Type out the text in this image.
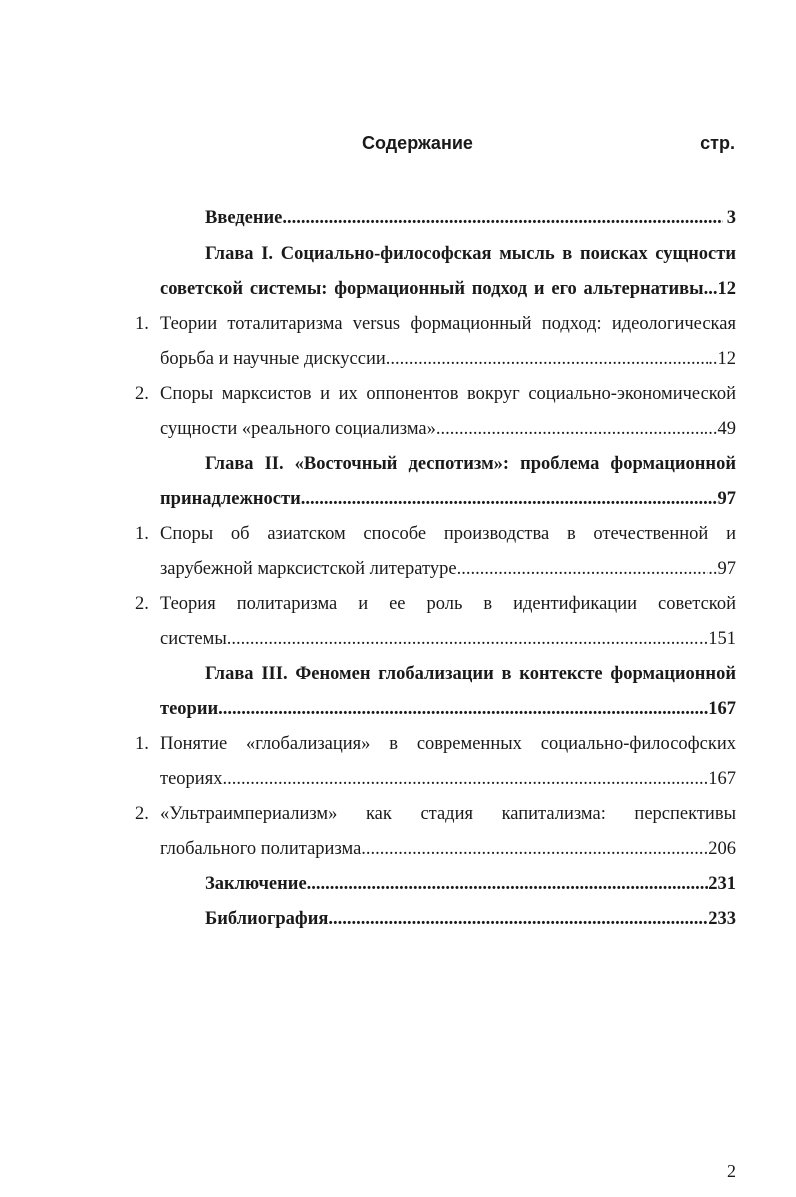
Содержание	стр.
Введение .....	3
Глава I. Социально-философская мысль в поисках сущности
советской системы: формационный подход и его альтернативы...12
1. Теории тоталитаризма versus формационный подход: идеологическая
борьба и научные дискуссии .....	..12
2. Споры марксистов и их оппонентов вокруг социально-экономической
сущности «реального социализма» .....	...49
Глава II. «Восточный деспотизм»: проблема формационной
принадлежности .....	97
1. Споры об азиатском способе производства в отечественной и
зарубежной марксистской литературе .....	..97
2. Теория политаризма и ее роль в идентификации советской
системы .....	..151
Глава III. Феномен глобализации в контексте формационной
теории .....	167
1. Понятие «глобализация» в современных социально-философских
теориях .....	...167
2. «Ультраимпериализм» как стадия капитализма: перспективы
глобального политаризма .....	.206
Заключение .....	231
Библиография .....	233
2
